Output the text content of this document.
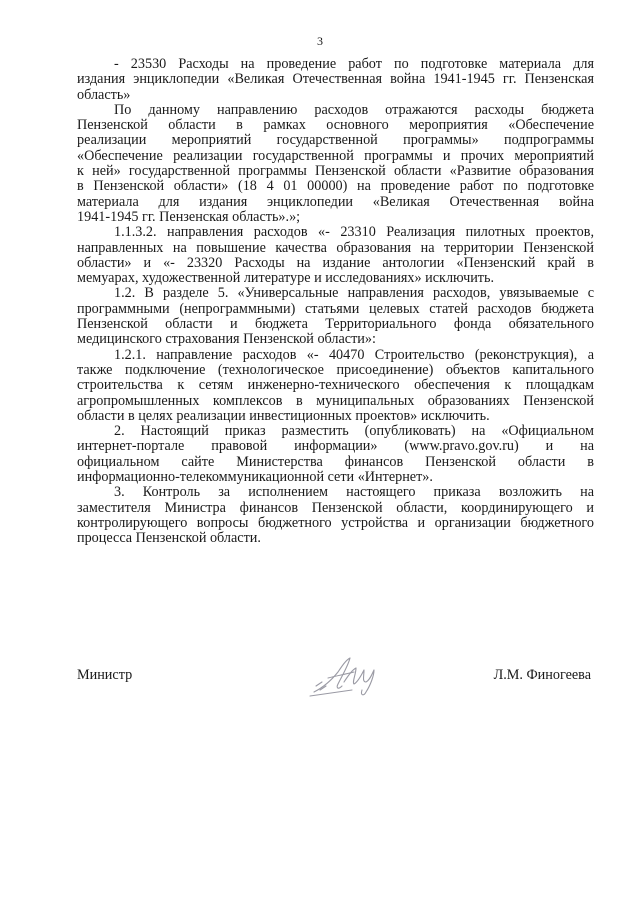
3
- 23530 Расходы на проведение работ по подготовке материала для
издания энциклопедии «Великая Отечественная война 1941-1945 гг. Пензенская
область»
По данному направлению расходов отражаются расходы бюджета
Пензенской области в рамках основного мероприятия «Обеспечение
реализации мероприятий государственной программы» подпрограммы
«Обеспечение реализации государственной программы и прочих мероприятий
к ней» государственной программы Пензенской области «Развитие образования
в Пензенской области» (18 4 01 00000) на проведение работ по подготовке
материала для издания энциклопедии «Великая Отечественная война
1941-1945 гг. Пензенская область».»;
1.1.3.2. направления расходов «- 23310 Реализация пилотных проектов,
направленных на повышение качества образования на территории Пензенской
области» и «- 23320 Расходы на издание антологии «Пензенский край в
мемуарах, художественной литературе и исследованиях» исключить.
1.2. В разделе 5. «Универсальные направления расходов, увязываемые с
программными (непрограммными) статьями целевых статей расходов бюджета
Пензенской области и бюджета Территориального фонда обязательного
медицинского страхования Пензенской области»:
1.2.1. направление расходов «- 40470 Строительство (реконструкция), а
также подключение (технологическое присоединение) объектов капитального
строительства к сетям инженерно-технического обеспечения к площадкам
агропромышленных комплексов в муниципальных образованиях Пензенской
области в целях реализации инвестиционных проектов» исключить.
2. Настоящий приказ разместить (опубликовать) на «Официальном
интернет-портале правовой информации» (www.pravo.gov.ru) и на
официальном сайте Министерства финансов Пензенской области в
информационно-телекоммуникационной сети «Интернет».
3. Контроль за исполнением настоящего приказа возложить на
заместителя Министра финансов Пензенской области, координирующего и
контролирующего вопросы бюджетного устройства и организации бюджетного
процесса Пензенской области.
Министр	Л.М. Финогеева
